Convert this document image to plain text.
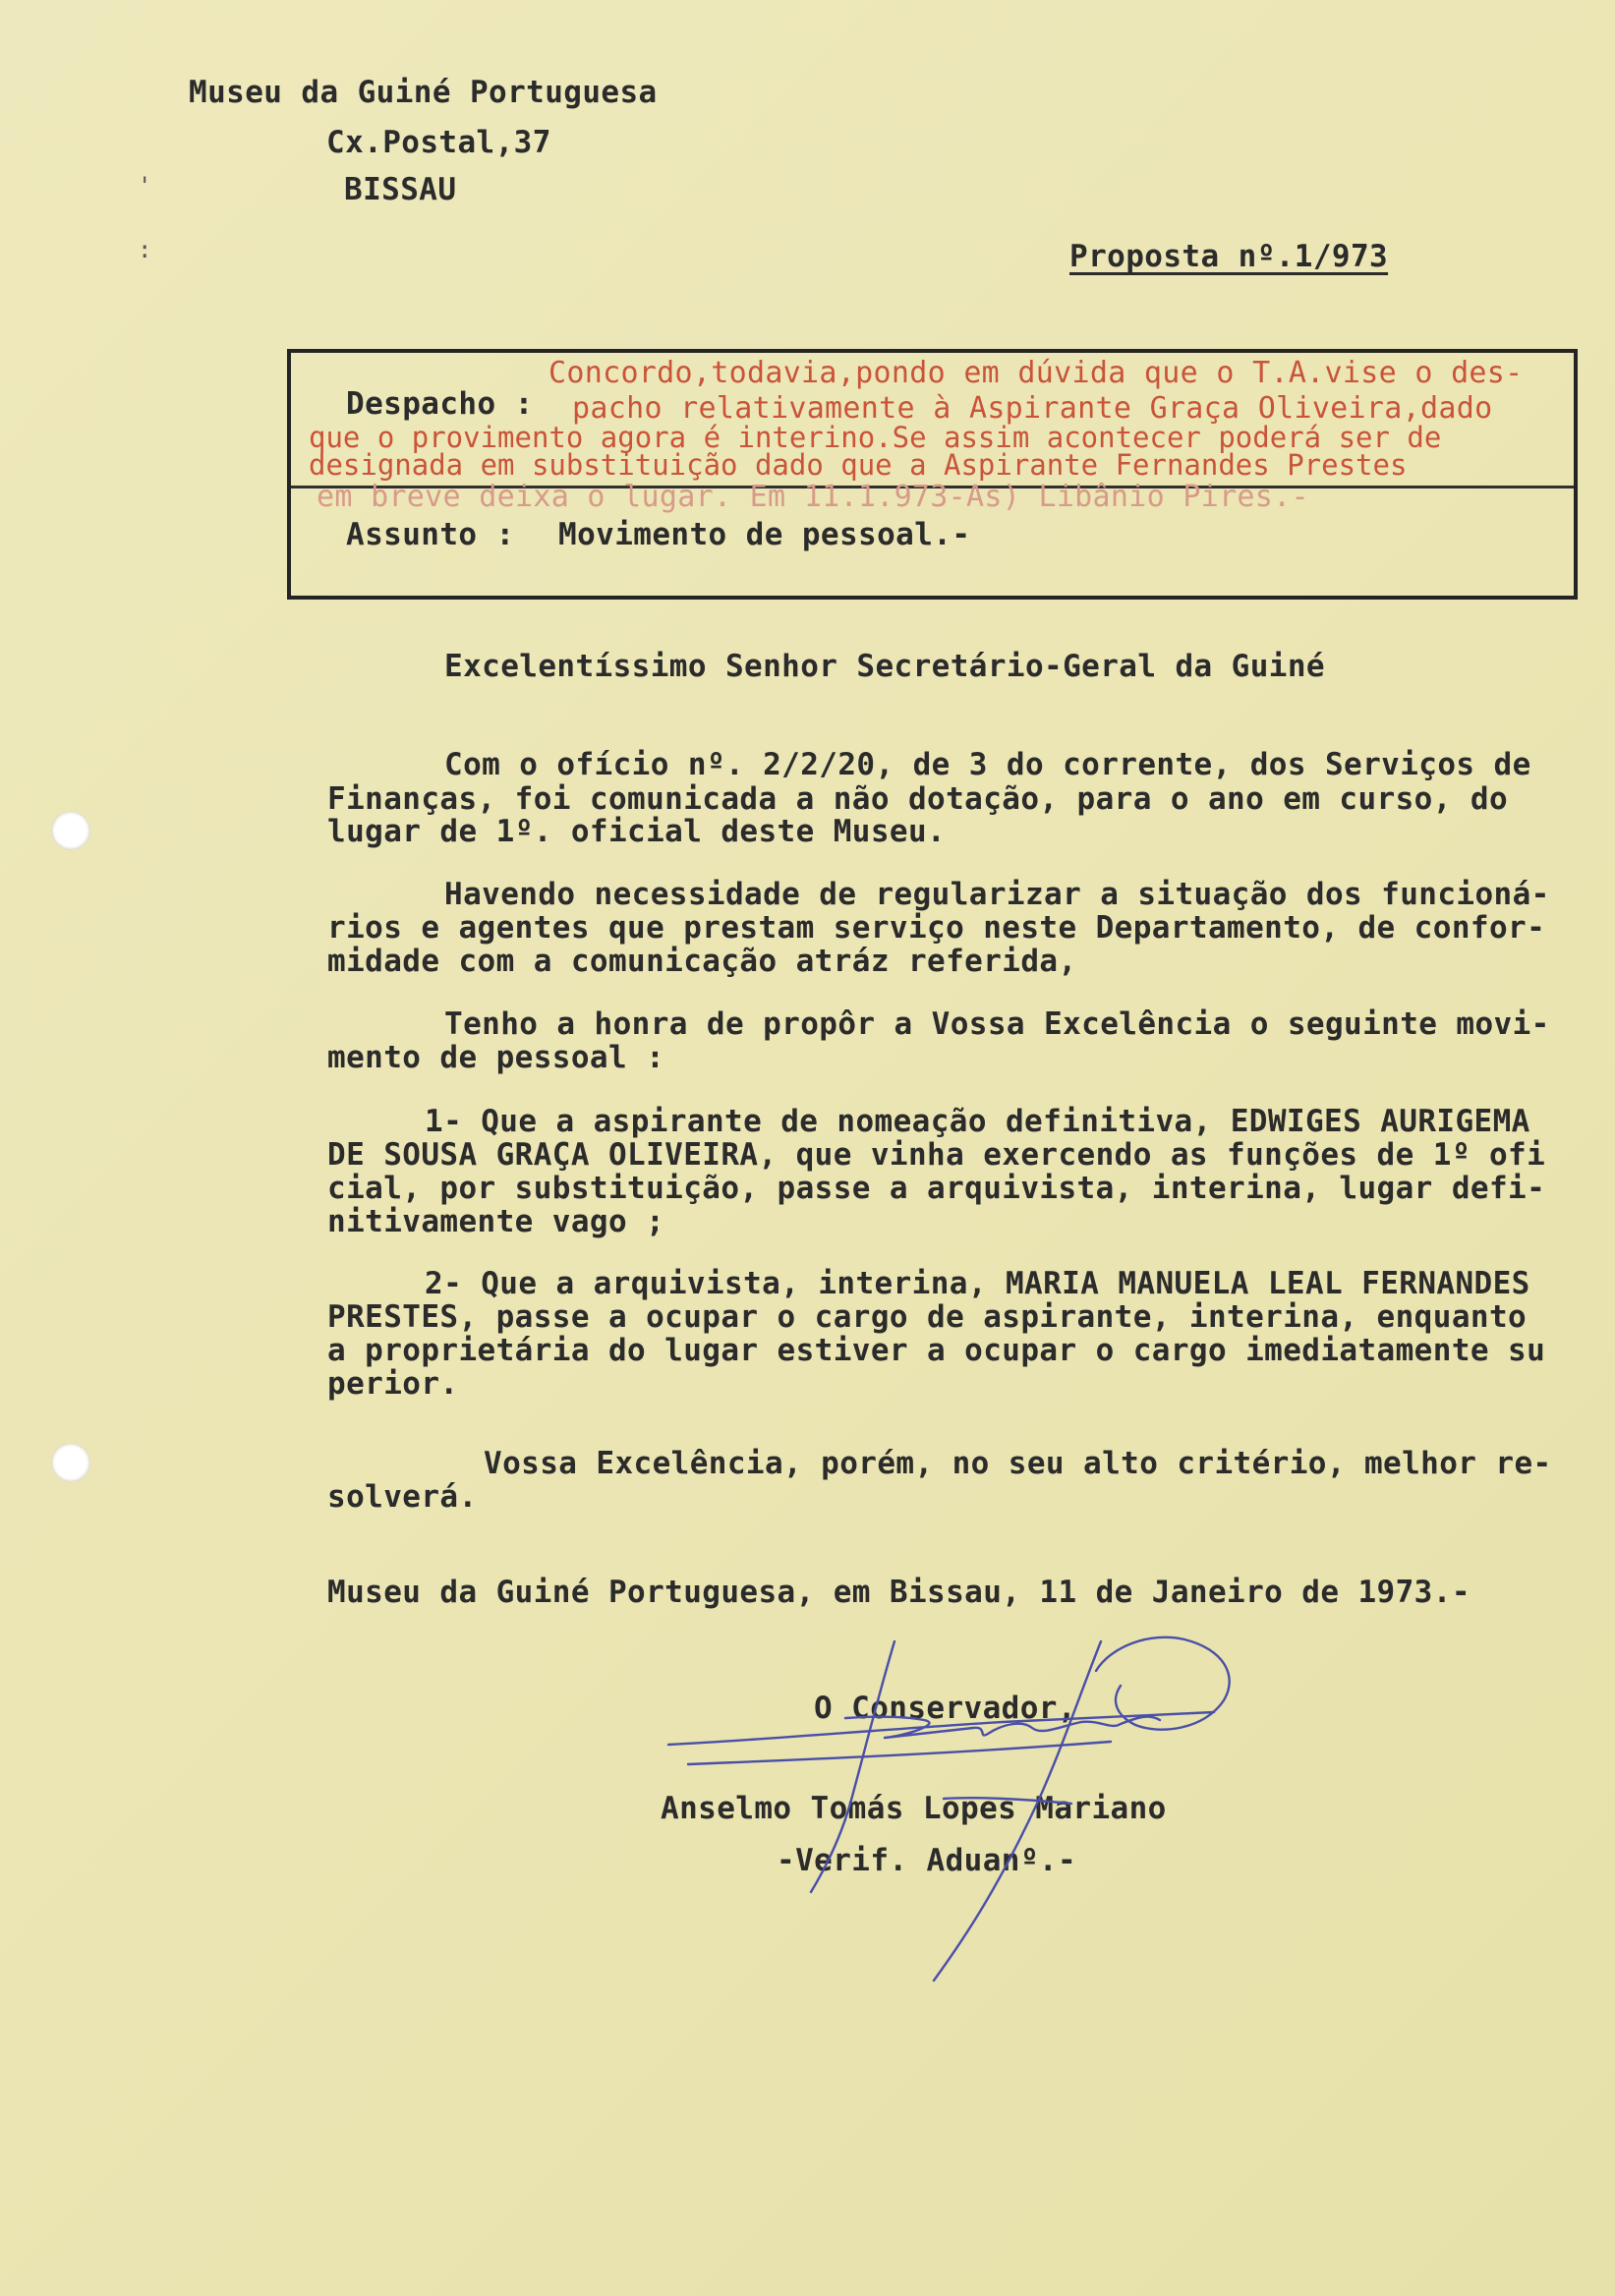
'
:
Museu da Guiné Portuguesa
Cx.Postal,37
BISSAU
Proposta nº.1/973
Despacho :
Concordo,todavia,pondo em dúvida que o T.A.vise o des-
pacho relativamente à Aspirante Graça Oliveira,dado
que o provimento agora é interino.Se assim acontecer poderá ser de
designada em substituição dado que a Aspirante Fernandes Prestes
em breve deixa o lugar. Em 11.1.973-As) Libânio Pires.-
Assunto : Movimento de pessoal.-
Excelentíssimo Senhor Secretário-Geral da Guiné
Com o ofício nº. 2/2/20, de 3 do corrente, dos Serviços de
Finanças, foi comunicada a não dotação, para o ano em curso, do
lugar de 1º. oficial deste Museu.
Havendo necessidade de regularizar a situação dos funcioná-
rios e agentes que prestam serviço neste Departamento, de confor-
midade com a comunicação atráz referida,
Tenho a honra de propôr a Vossa Excelência o seguinte movi-
mento de pessoal :
1- Que a aspirante de nomeação definitiva, EDWIGES AURIGEMA
DE SOUSA GRAÇA OLIVEIRA, que vinha exercendo as funções de 1º ofi
cial, por substituição, passe a arquivista, interina, lugar defi-
nitivamente vago ;
2- Que a arquivista, interina, MARIA MANUELA LEAL FERNANDES
PRESTES, passe a ocupar o cargo de aspirante, interina, enquanto
a proprietária do lugar estiver a ocupar o cargo imediatamente su
perior.
Vossa Excelência, porém, no seu alto critério, melhor re-
solverá.
Museu da Guiné Portuguesa, em Bissau, 11 de Janeiro de 1973.-
O Conservador,
Anselmo Tomás Lopes Mariano
-Verif. Aduanº.-
